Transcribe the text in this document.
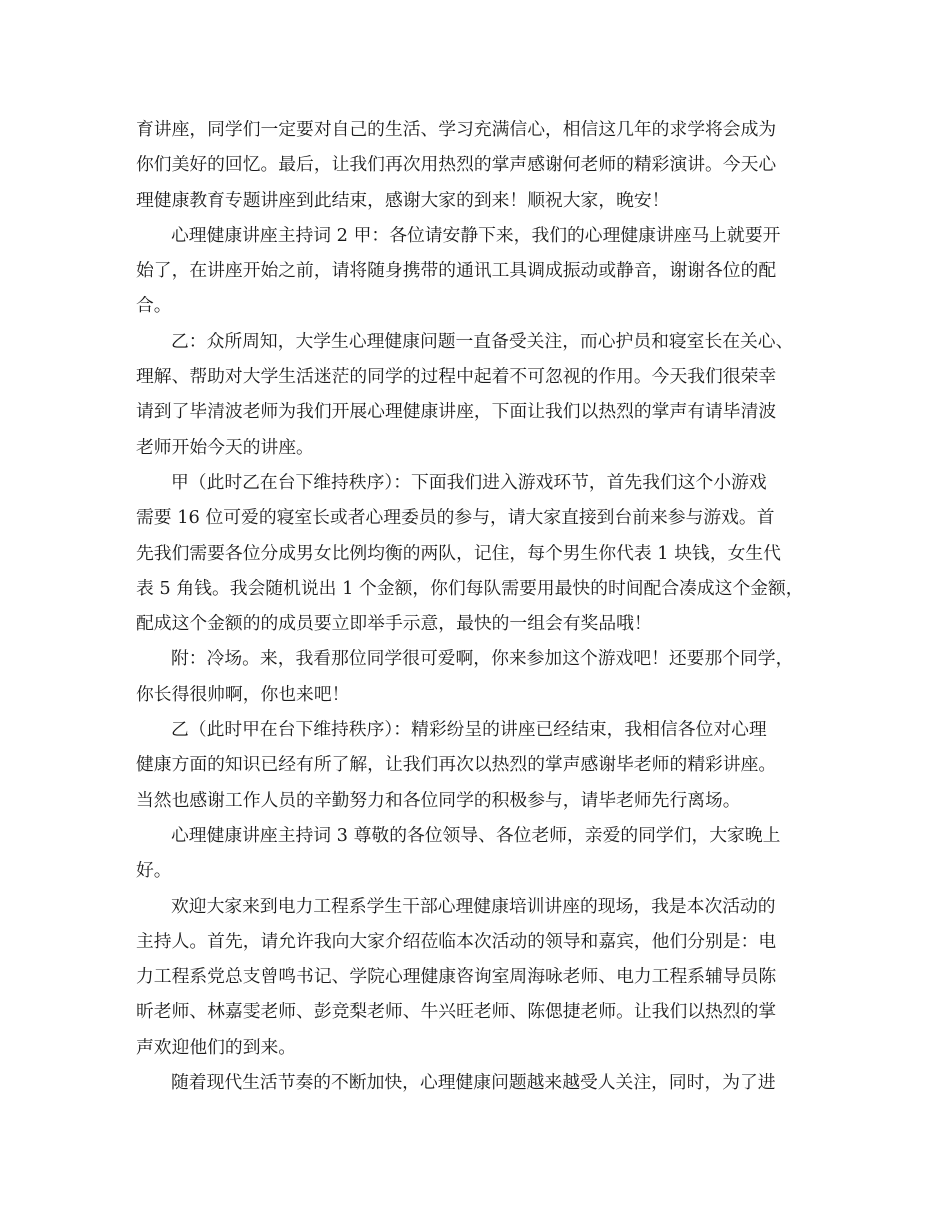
育讲座，同学们一定要对自己的生活、学习充满信心，相信这几年的求学将会成为
你们美好的回忆。最后，让我们再次用热烈的掌声感谢何老师的精彩演讲。今天心
理健康教育专题讲座到此结束，感谢大家的到来！顺祝大家，晚安！
心理健康讲座主持词 2 甲：各位请安静下来，我们的心理健康讲座马上就要开
始了，在讲座开始之前，请将随身携带的通讯工具调成振动或静音，谢谢各位的配
合。
乙：众所周知，大学生心理健康问题一直备受关注，而心护员和寝室长在关心、
理解、帮助对大学生活迷茫的同学的过程中起着不可忽视的作用。今天我们很荣幸
请到了毕清波老师为我们开展心理健康讲座，下面让我们以热烈的掌声有请毕清波
老师开始今天的讲座。
甲（此时乙在台下维持秩序）：下面我们进入游戏环节，首先我们这个小游戏
需要 16 位可爱的寝室长或者心理委员的参与，请大家直接到台前来参与游戏。首
先我们需要各位分成男女比例均衡的两队，记住，每个男生你代表 1 块钱，女生代
表 5 角钱。我会随机说出 1 个金额，你们每队需要用最快的时间配合凑成这个金额，
配成这个金额的的成员要立即举手示意，最快的一组会有奖品哦！
附：冷场。来，我看那位同学很可爱啊，你来参加这个游戏吧！还要那个同学，
你长得很帅啊，你也来吧！
乙（此时甲在台下维持秩序）：精彩纷呈的讲座已经结束，我相信各位对心理
健康方面的知识已经有所了解，让我们再次以热烈的掌声感谢毕老师的精彩讲座。
当然也感谢工作人员的辛勤努力和各位同学的积极参与，请毕老师先行离场。
心理健康讲座主持词 3 尊敬的各位领导、各位老师，亲爱的同学们，大家晚上
好。
欢迎大家来到电力工程系学生干部心理健康培训讲座的现场，我是本次活动的
主持人。首先，请允许我向大家介绍莅临本次活动的领导和嘉宾，他们分别是：电
力工程系党总支曾鸣书记、学院心理健康咨询室周海咏老师、电力工程系辅导员陈
昕老师、林嘉雯老师、彭竞梨老师、牛兴旺老师、陈偲捷老师。让我们以热烈的掌
声欢迎他们的到来。
随着现代生活节奏的不断加快，心理健康问题越来越受人关注，同时，为了进
